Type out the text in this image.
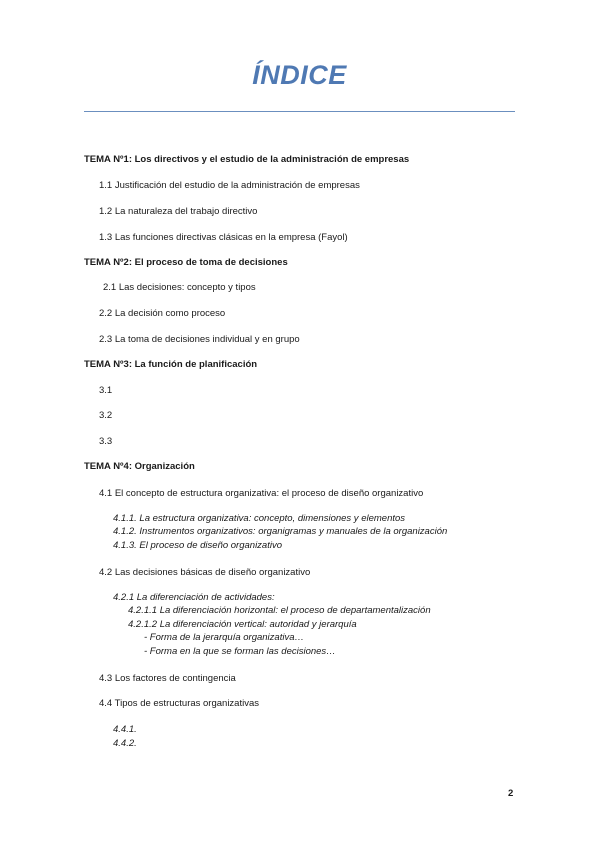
ÍNDICE
TEMA Nº1: Los directivos y el estudio de la administración de empresas
1.1 Justificación del estudio de la administración de empresas
1.2 La naturaleza del trabajo directivo
1.3 Las funciones directivas clásicas en la empresa (Fayol)
TEMA Nº2: El proceso de toma de decisiones
2.1 Las decisiones: concepto y tipos
2.2 La decisión como proceso
2.3 La toma de decisiones individual y en grupo
TEMA Nº3: La función de planificación
3.1
3.2
3.3
TEMA Nº4: Organización
4.1 El concepto de estructura organizativa: el proceso de diseño organizativo
4.1.1. La estructura organizativa: concepto, dimensiones y elementos
4.1.2. Instrumentos organizativos: organigramas y manuales de la organización
4.1.3. El proceso de diseño organizativo
4.2 Las decisiones básicas de diseño organizativo
4.2.1 La diferenciación de actividades:
4.2.1.1 La diferenciación horizontal: el proceso de departamentalización
4.2.1.2 La diferenciación vertical: autoridad y jerarquía
- Forma de la jerarquía organizativa…
- Forma en la que se forman las decisiones…
4.3 Los factores de contingencia
4.4 Tipos de estructuras organizativas
4.4.1.
4.4.2.
2
